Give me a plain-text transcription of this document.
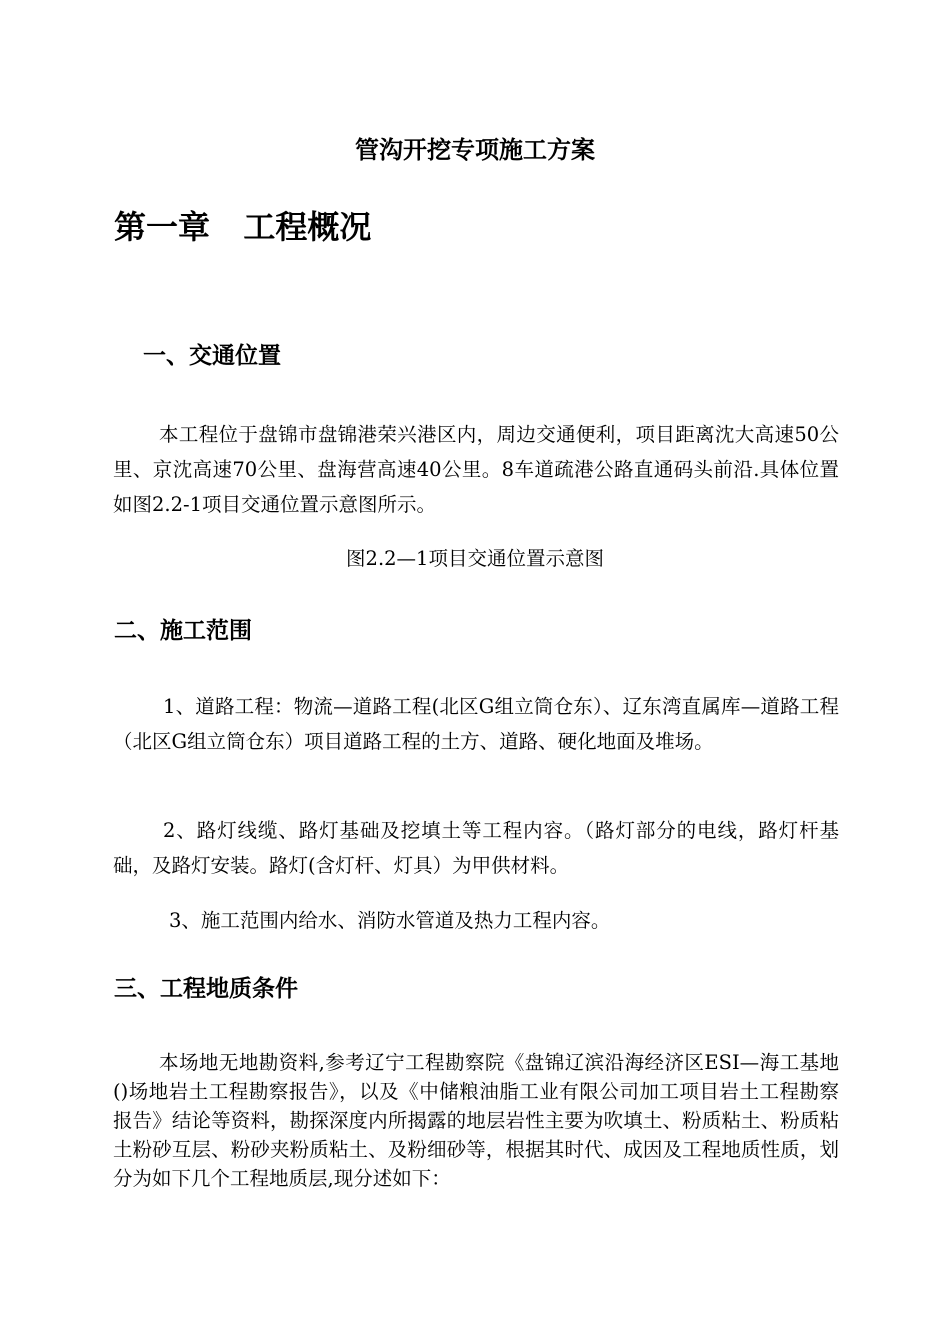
管沟开挖专项施工方案
第一章   工程概况
一、交通位置
本工程位于盘锦市盘锦港荣兴港区内，周边交通便利，项目距离沈大高速50公里、京沈高速70公里、盘海营高速40公里。8车道疏港公路直通码头前沿.具体位置如图2.2-1项目交通位置示意图所示。
图2.2—1项目交通位置示意图
二、施工范围
1、道路工程：物流—道路工程(北区G组立筒仓东）、辽东湾直属库—道路工程（北区G组立筒仓东）项目道路工程的土方、道路、硬化地面及堆场。
2、路灯线缆、路灯基础及挖填土等工程内容。（路灯部分的电线，路灯杆基础，及路灯安装。路灯(含灯杆、灯具）为甲供材料。
3、施工范围内给水、消防水管道及热力工程内容。
三、工程地质条件
本场地无地勘资料,参考辽宁工程勘察院《盘锦辽滨沿海经济区ESI—海工基地()场地岩土工程勘察报告》，以及《中储粮油脂工业有限公司加工项目岩土工程勘察报告》结论等资料，勘探深度内所揭露的地层岩性主要为吹填土、粉质粘土、粉质粘土粉砂互层、粉砂夹粉质粘土、及粉细砂等，根据其时代、成因及工程地质性质，划分为如下几个工程地质层,现分述如下：
